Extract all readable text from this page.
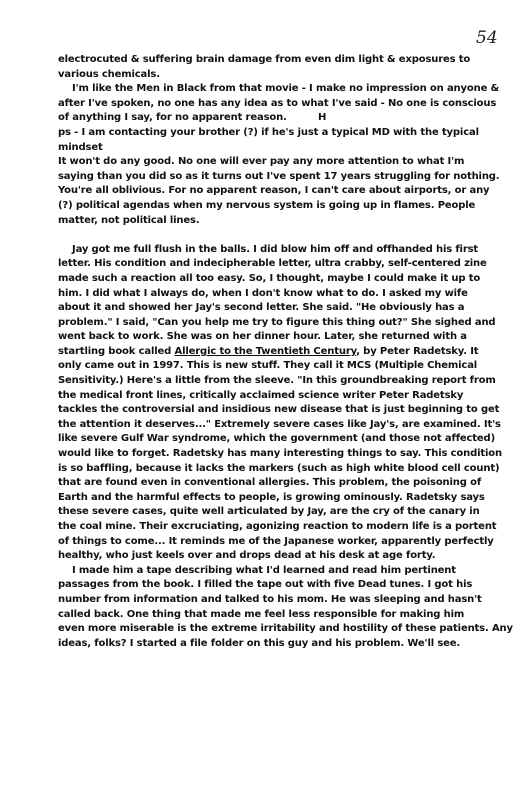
54
electrocuted & suffering brain damage from even dim light & exposures to
various chemicals.
I'm like the Men in Black from that movie - I make no impression on anyone &
after I've spoken, no one has any idea as to what I've said - No one is conscious
of anything I say, for no apparent reason.	H
ps - I am contacting your brother (?) if he's just a typical MD with the typical
mindset
It won't do any good. No one will ever pay any more attention to what I'm
saying than you did so as it turns out I've spent 17 years struggling for nothing.
You're all oblivious. For no apparent reason, I can't care about airports, or any
(?) political agendas when my nervous system is going up in flames. People
matter, not political lines.
Jay got me full flush in the balls. I did blow him off and offhanded his first
letter. His condition and indecipherable letter, ultra crabby, self-centered zine
made such a reaction all too easy. So, I thought, maybe I could make it up to
him. I did what I always do, when I don't know what to do. I asked my wife
about it and showed her Jay's second letter. She said. "He obviously has a
problem." I said, "Can you help me try to figure this thing out?" She sighed and
went back to work. She was on her dinner hour. Later, she returned with a
startling book called Allergic to the Twentieth Century, by Peter Radetsky. It
only came out in 1997. This is new stuff. They call it MCS (Multiple Chemical
Sensitivity.) Here's a little from the sleeve. "In this groundbreaking report from
the medical front lines, critically acclaimed science writer Peter Radetsky
tackles the controversial and insidious new disease that is just beginning to get
the attention it deserves..." Extremely severe cases like Jay's, are examined. It's
like severe Gulf War syndrome, which the government (and those not affected)
would like to forget. Radetsky has many interesting things to say. This condition
is so baffling, because it lacks the markers (such as high white blood cell count)
that are found even in conventional allergies. This problem, the poisoning of
Earth and the harmful effects to people, is growing ominously. Radetsky says
these severe cases, quite well articulated by Jay, are the cry of the canary in
the coal mine. Their excruciating, agonizing reaction to modern life is a portent
of things to come... It reminds me of the Japanese worker, apparently perfectly
healthy, who just keels over and drops dead at his desk at age forty.
I made him a tape describing what I'd learned and read him pertinent
passages from the book. I filled the tape out with five Dead tunes. I got his
number from information and talked to his mom. He was sleeping and hasn't
called back. One thing that made me feel less responsible for making him
even more miserable is the extreme irritability and hostility of these patients. Any
ideas, folks? I started a file folder on this guy and his problem. We'll see.
